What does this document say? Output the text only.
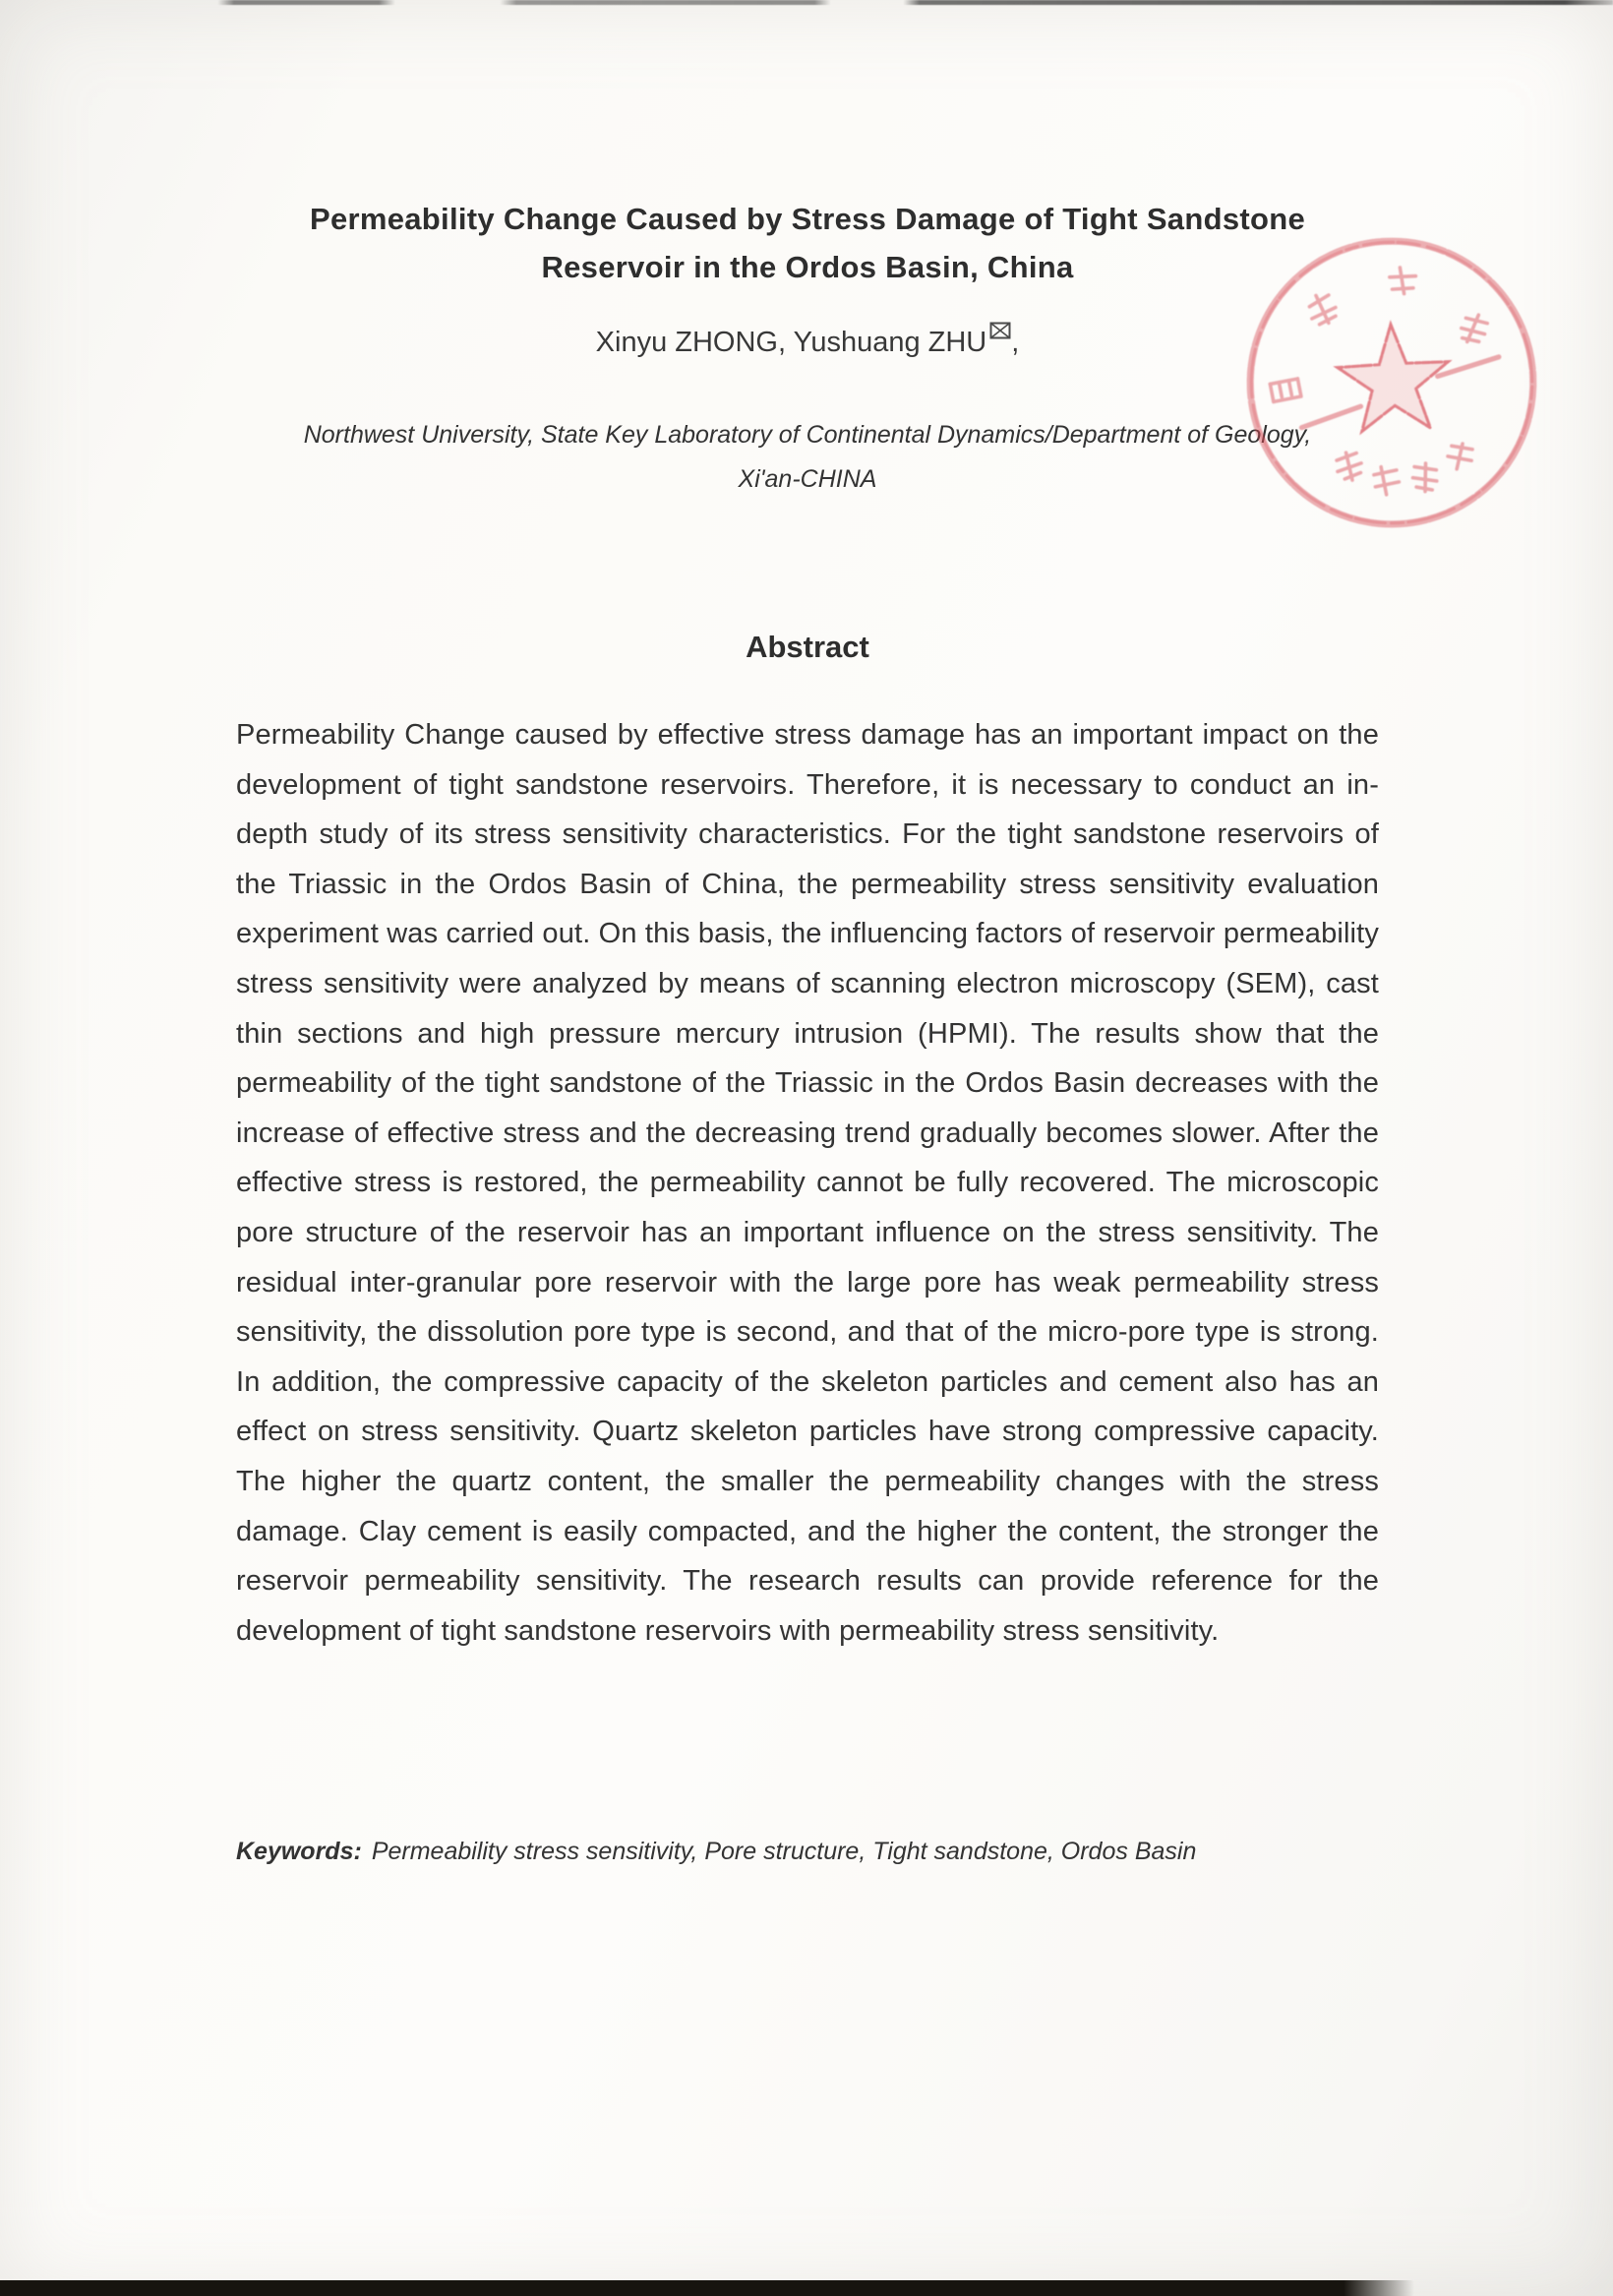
Permeability Change Caused by Stress Damage of Tight Sandstone
Reservoir in the Ordos Basin, China
Xinyu ZHONG, Yushuang ZHU ,
Northwest University, State Key Laboratory of Continental Dynamics/Department of Geology,
Xi'an-CHINA
Abstract
Permeability Change caused by effective stress damage has an important impact on the development of tight sandstone reservoirs. Therefore, it is necessary to conduct an in-depth study of its stress sensitivity characteristics. For the tight sandstone reservoirs of the Triassic in the Ordos Basin of China, the permeability stress sensitivity evaluation experiment was carried out. On this basis, the influencing factors of reservoir permeability stress sensitivity were analyzed by means of scanning electron microscopy (SEM), cast thin sections and high pressure mercury intrusion (HPMI). The results show that the permeability of the tight sandstone of the Triassic in the Ordos Basin decreases with the increase of effective stress and the decreasing trend gradually becomes slower. After the effective stress is restored, the permeability cannot be fully recovered. The microscopic pore structure of the reservoir has an important influence on the stress sensitivity. The residual inter-granular pore reservoir with the large pore has weak permeability stress sensitivity, the dissolution pore type is second, and that of the micro-pore type is strong. In addition, the compressive capacity of the skeleton particles and cement also has an effect on stress sensitivity. Quartz skeleton particles have strong compressive capacity. The higher the quartz content, the smaller the permeability changes with the stress damage. Clay cement is easily compacted, and the higher the content, the stronger the reservoir permeability sensitivity. The research results can provide reference for the development of tight sandstone reservoirs with permeability stress sensitivity.
Keywords: Permeability stress sensitivity, Pore structure, Tight sandstone, Ordos Basin
